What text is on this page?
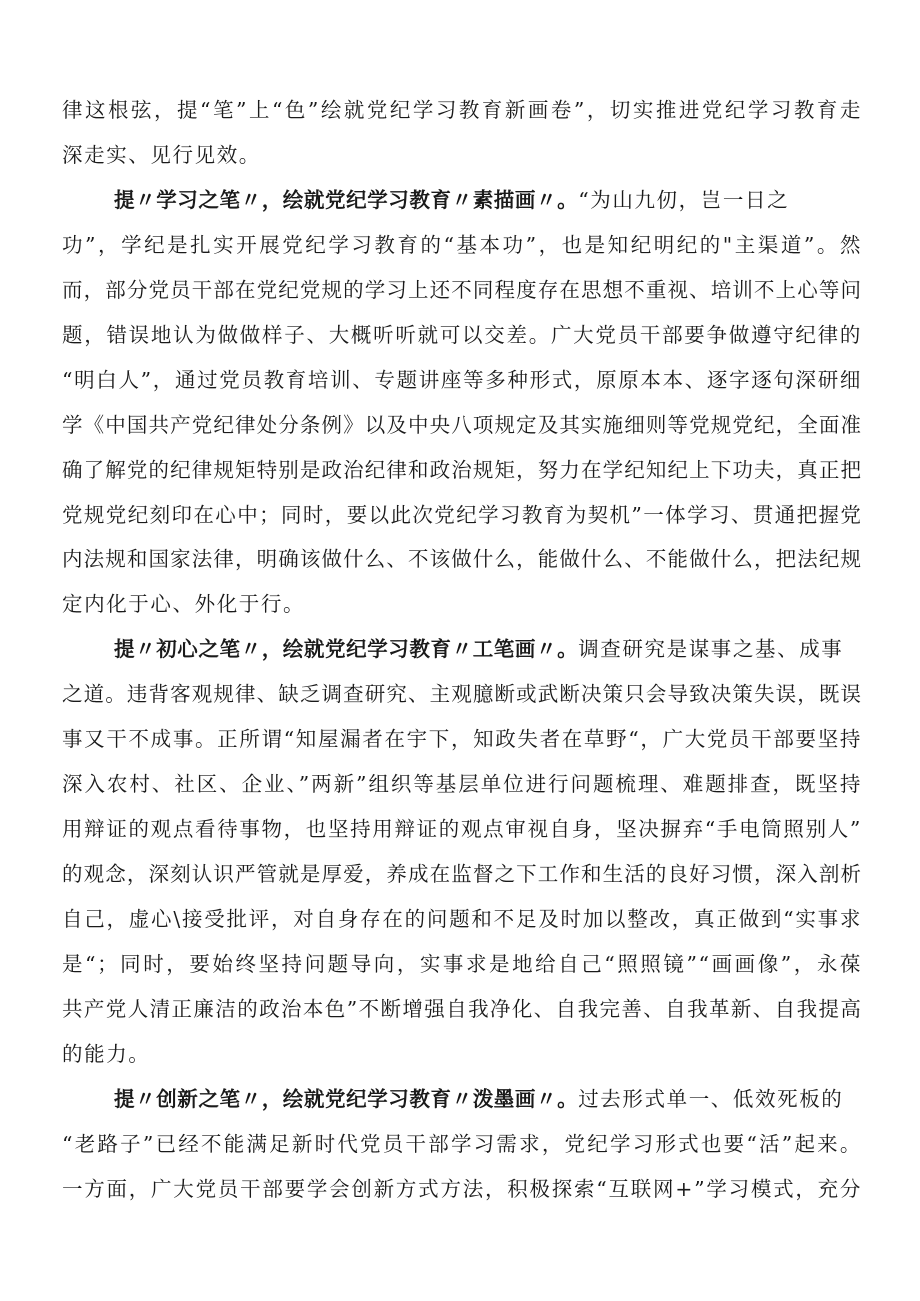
律这根弦，提“笔”上“色”绘就党纪学习教育新画卷”，切实推进党纪学习教育走
深走实、见行见效。
提〃学习之笔〃，绘就党纪学习教育〃素描画〃。“为山九仞，岂一日之
功”，学纪是扎实开展党纪学习教育的“基本功”，也是知纪明纪的"主渠道”。然
而，部分党员干部在党纪党规的学习上还不同程度存在思想不重视、培训不上心等问
题，错误地认为做做样子、大概听听就可以交差。广大党员干部要争做遵守纪律的
“明白人”，通过党员教育培训、专题讲座等多种形式，原原本本、逐字逐句深研细
学《中国共产党纪律处分条例》以及中央八项规定及其实施细则等党规党纪，全面准
确了解党的纪律规矩特别是政治纪律和政治规矩，努力在学纪知纪上下功夫，真正把
党规党纪刻印在心中；同时，要以此次党纪学习教育为契机”一体学习、贯通把握党
内法规和国家法律，明确该做什么、不该做什么，能做什么、不能做什么，把法纪规
定内化于心、外化于行。
提〃初心之笔〃，绘就党纪学习教育〃工笔画〃。调查研究是谋事之基、成事
之道。违背客观规律、缺乏调查研究、主观臆断或武断决策只会导致决策失误，既误
事又干不成事。正所谓“知屋漏者在宇下，知政失者在草野“，广大党员干部要坚持
深入农村、社区、企业、”两新”组织等基层单位进行问题梳理、难题排查，既坚持
用辩证的观点看待事物，也坚持用辩证的观点审视自身，坚决摒弃“手电筒照别人”
的观念，深刻认识严管就是厚爱，养成在监督之下工作和生活的良好习惯，深入剖析
自己，虚心\接受批评，对自身存在的问题和不足及时加以整改，真正做到“实事求
是“；同时，要始终坚持问题导向，实事求是地给自己“照照镜”“画画像”，永葆
共产党人清正廉洁的政治本色”不断增强自我净化、自我完善、自我革新、自我提高
的能力。
提〃创新之笔〃，绘就党纪学习教育〃泼墨画〃。过去形式单一、低效死板的
“老路子”已经不能满足新时代党员干部学习需求，党纪学习形式也要“活”起来。
一方面，广大党员干部要学会创新方式方法，积极探索“互联网+”学习模式，充分
